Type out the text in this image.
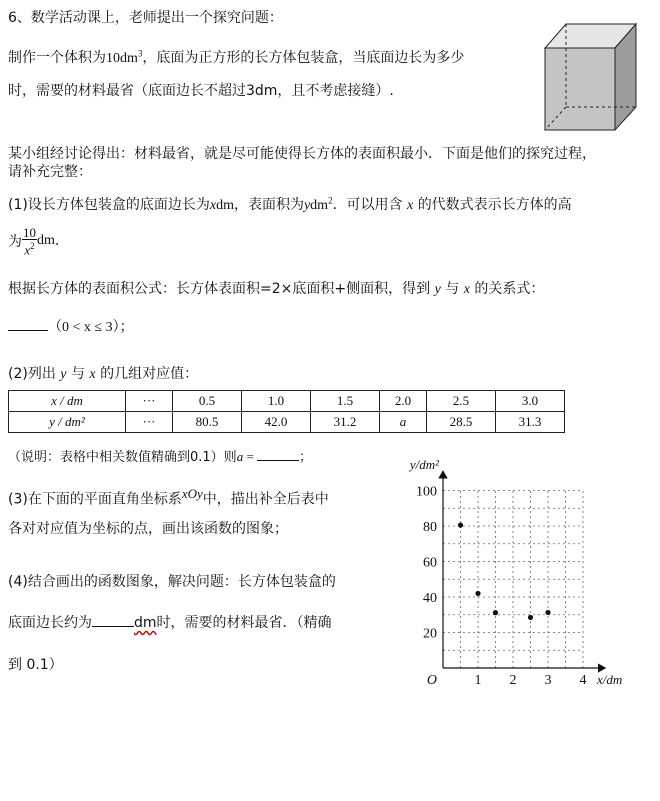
6、数学活动课上，老师提出一个探究问题：
制作一个体积为$10dm^3$，底面为正方形的长方体包装盒，当底面边长为多少
时，需要的材料最省（底面边长不超过3dm，且不考虑接缝）.
某小组经讨论得出：材料最省，就是尽可能使得长方体的表面积最小．下面是他们的探究过程，
请补充完整：
(1)设长方体包装盒的底面边长为xdm，表面积为ydm$^2$．可以用含 x 的代数式表示长方体的高
为 $\frac{10}{x^2}$ dm.
根据长方体的表面积公式：长方体表面积=2×底面积+侧面积，得到 y 与 x 的关系式：
（0 < x ≤ 3）；
(2)列出 y 与 x 的几组对应值：
x / dm	···	0.5	1.0	1.5	2.0	2.5	3.0
y / dm²	···	80.5	42.0	31.2	a	28.5	31.3
（说明：表格中相关数值精确到0.1）则a =	；
(3)在下面的平面直角坐标系$^{xOy}$中，描出补全后表中
各对对应值为坐标的点，画出该函数的图象；
(4)结合画出的函数图象，解决问题：长方体包装盒的
底面边长约为	dm时，需要的材料最省．（精确
到 0.1）
1 2 3 4
20
40
60
80
100
O	x/dm
y/dm²
